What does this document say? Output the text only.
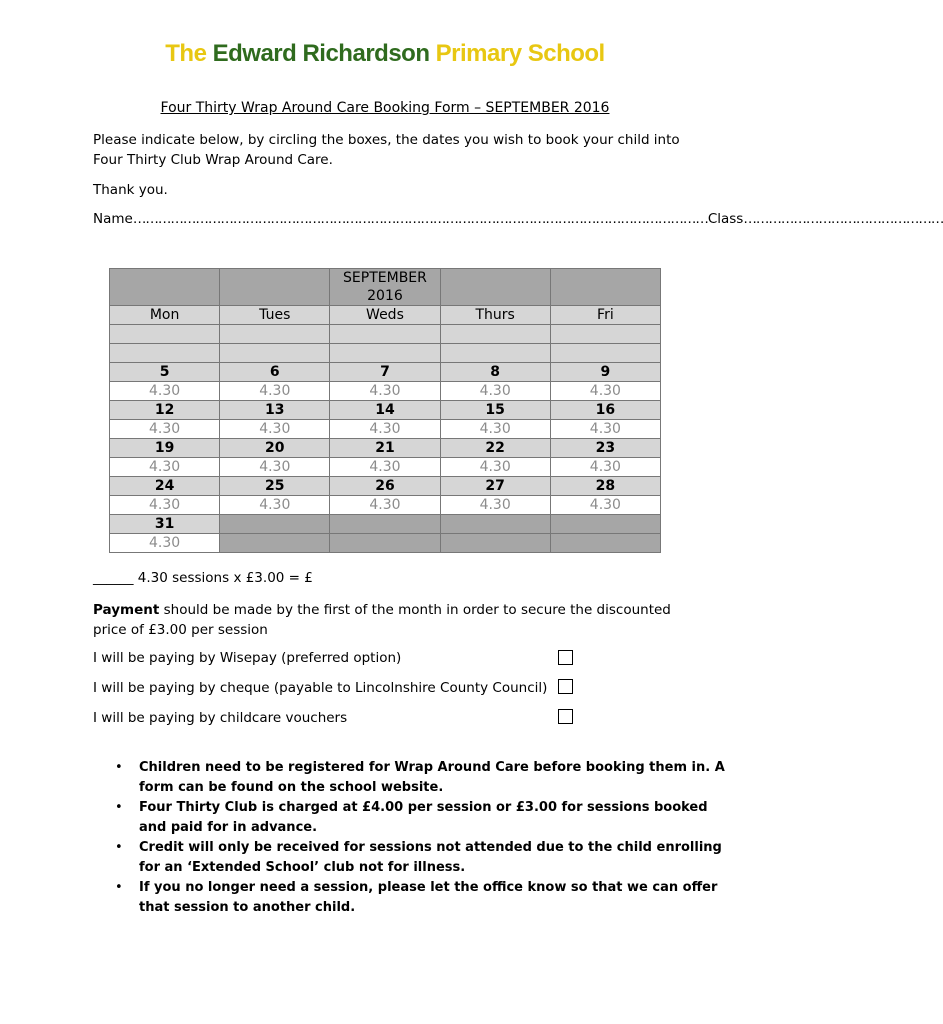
The Edward Richardson Primary School
Four Thirty Wrap Around Care Booking Form – SEPTEMBER 2016
Please indicate below, by circling the boxes, the dates you wish to book your child into Four Thirty Club Wrap Around Care.
Thank you.
Name…………………………………………………………………………………………………………………………Class…………………………………………
		SEPTEMBER 2016		
Mon	Tues	Weds	Thurs	Fri

5	6	7	8	9
4.30	4.30	4.30	4.30	4.30
12	13	14	15	16
4.30	4.30	4.30	4.30	4.30
19	20	21	22	23
4.30	4.30	4.30	4.30	4.30
24	25	26	27	28
4.30	4.30	4.30	4.30	4.30
31				
4.30				
______ 4.30 sessions x £3.00 = £
Payment should be made by the first of the month in order to secure the discounted price of £3.00 per session
I will be paying by Wisepay (preferred option)
I will be paying by cheque (payable to Lincolnshire County Council)
I will be paying by childcare vouchers
• Children need to be registered for Wrap Around Care before booking them in. A form can be found on the school website.
• Four Thirty Club is charged at £4.00 per session or £3.00 for sessions booked and paid for in advance.
• Credit will only be received for sessions not attended due to the child enrolling for an ‘Extended School’ club not for illness.
• If you no longer need a session, please let the office know so that we can offer that session to another child.
